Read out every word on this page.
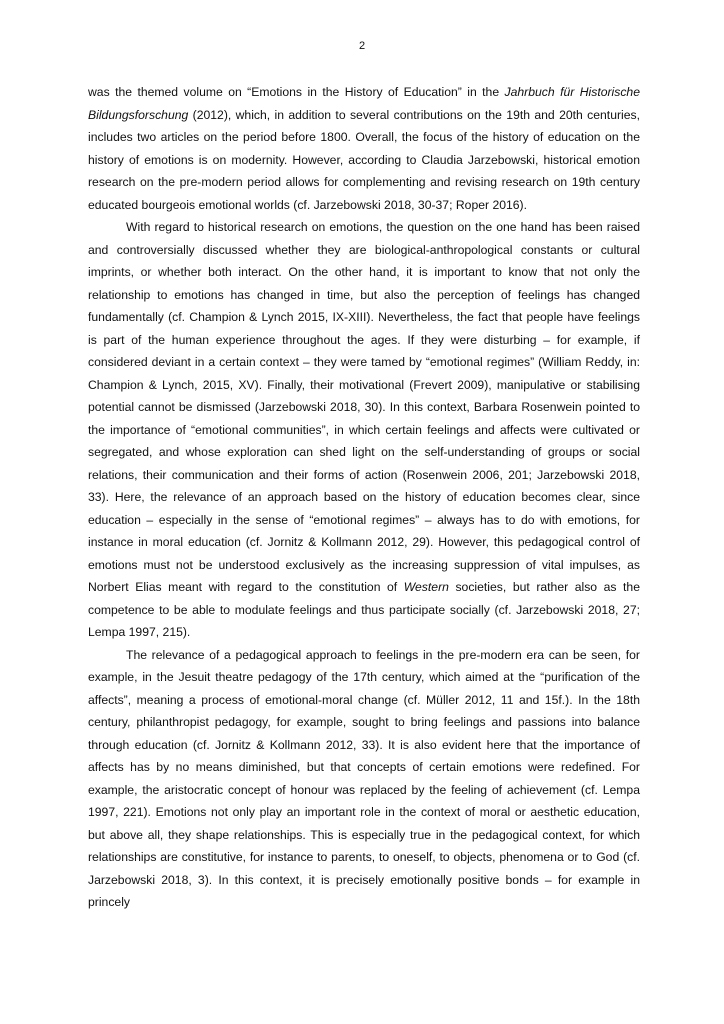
2

was the themed volume on “Emotions in the History of Education” in the Jahrbuch für Historische Bildungsforschung (2012), which, in addition to several contributions on the 19th and 20th centuries, includes two articles on the period before 1800. Overall, the focus of the history of education on the history of emotions is on modernity. However, according to Claudia Jarzebowski, historical emotion research on the pre-modern period allows for complementing and revising research on 19th century educated bourgeois emotional worlds (cf. Jarzebowski 2018, 30-37; Roper 2016).

With regard to historical research on emotions, the question on the one hand has been raised and controversially discussed whether they are biological-anthropological constants or cultural imprints, or whether both interact. On the other hand, it is important to know that not only the relationship to emotions has changed in time, but also the perception of feelings has changed fundamentally (cf. Champion & Lynch 2015, IX-XIII). Nevertheless, the fact that people have feelings is part of the human experience throughout the ages. If they were disturbing – for example, if considered deviant in a certain context – they were tamed by “emotional regimes” (William Reddy, in: Champion & Lynch, 2015, XV). Finally, their motivational (Frevert 2009), manipulative or stabilising potential cannot be dismissed (Jarzebowski 2018, 30). In this context, Barbara Rosenwein pointed to the importance of “emotional communities”, in which certain feelings and affects were cultivated or segregated, and whose exploration can shed light on the self-understanding of groups or social relations, their communication and their forms of action (Rosenwein 2006, 201; Jarzebowski 2018, 33). Here, the relevance of an approach based on the history of education becomes clear, since education – especially in the sense of “emotional regimes” – always has to do with emotions, for instance in moral education (cf. Jornitz & Kollmann 2012, 29). However, this pedagogical control of emotions must not be understood exclusively as the increasing suppression of vital impulses, as Norbert Elias meant with regard to the constitution of Western societies, but rather also as the competence to be able to modulate feelings and thus participate socially (cf. Jarzebowski 2018, 27; Lempa 1997, 215).

The relevance of a pedagogical approach to feelings in the pre-modern era can be seen, for example, in the Jesuit theatre pedagogy of the 17th century, which aimed at the “purification of the affects”, meaning a process of emotional-moral change (cf. Müller 2012, 11 and 15f.). In the 18th century, philanthropist pedagogy, for example, sought to bring feelings and passions into balance through education (cf. Jornitz & Kollmann 2012, 33). It is also evident here that the importance of affects has by no means diminished, but that concepts of certain emotions were redefined. For example, the aristocratic concept of honour was replaced by the feeling of achievement (cf. Lempa 1997, 221). Emotions not only play an important role in the context of moral or aesthetic education, but above all, they shape relationships. This is especially true in the pedagogical context, for which relationships are constitutive, for instance to parents, to oneself, to objects, phenomena or to God (cf. Jarzebowski 2018, 3). In this context, it is precisely emotionally positive bonds – for example in princely
